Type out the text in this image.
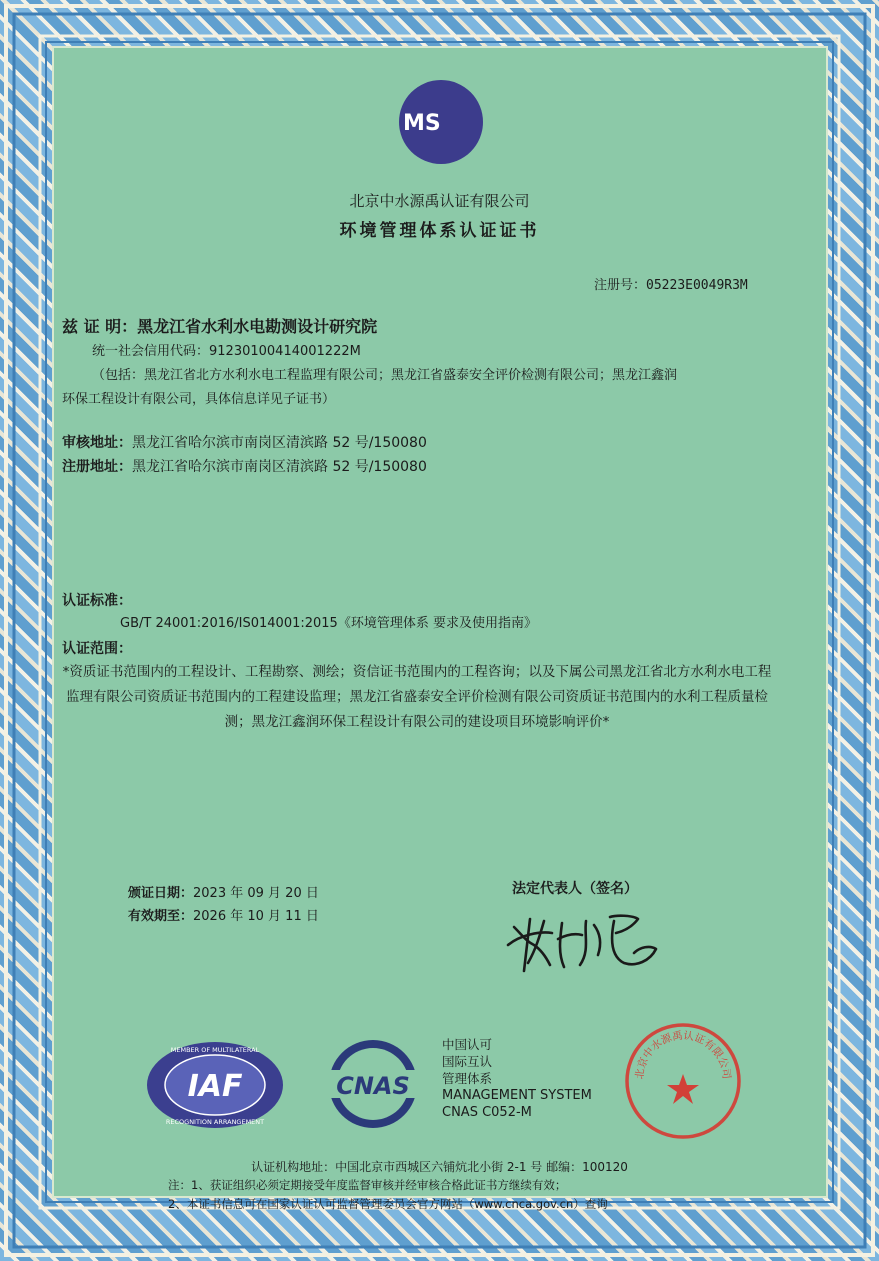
MS
北京中水源禹认证有限公司
环境管理体系认证证书
注册号：05223E0049R3M
兹 证 明：黑龙江省水利水电勘测设计研究院
统一社会信用代码：91230100414001222M
（包括：黑龙江省北方水利水电工程监理有限公司；黑龙江省盛泰安全评价检测有限公司；黑龙江鑫润
环保工程设计有限公司，具体信息详见子证书）
审核地址：黑龙江省哈尔滨市南岗区清滨路 52 号/150080
注册地址：黑龙江省哈尔滨市南岗区清滨路 52 号/150080
认证标准：
GB/T 24001:2016/IS014001:2015《环境管理体系 要求及使用指南》
认证范围：
*资质证书范围内的工程设计、工程勘察、测绘；资信证书范围内的工程咨询；以及下属公司黑龙江省北方水利水电工程监理有限公司资质证书范围内的工程建设监理；黑龙江省盛泰安全评价检测有限公司资质证书范围内的水利工程质量检测；黑龙江鑫润环保工程设计有限公司的建设项目环境影响评价*
颁证日期：2023 年 09 月 20 日
有效期至：2026 年 10 月 11 日
法定代表人（签名）
IAF
MEMBER OF MULTILATERAL
RECOGNITION ARRANGEMENT
CNAS
中国认可
国际互认
管理体系
MANAGEMENT SYSTEM
CNAS C052-M
北京中水源禹认证有限公司
认证机构地址：中国北京市西城区六铺炕北小街 2-1 号 邮编：100120
注：1、获证组织必须定期接受年度监督审核并经审核合格此证书方继续有效；
2、本证书信息可在国家认证认可监督管理委员会官方网站（www.cnca.gov.cn）查询
